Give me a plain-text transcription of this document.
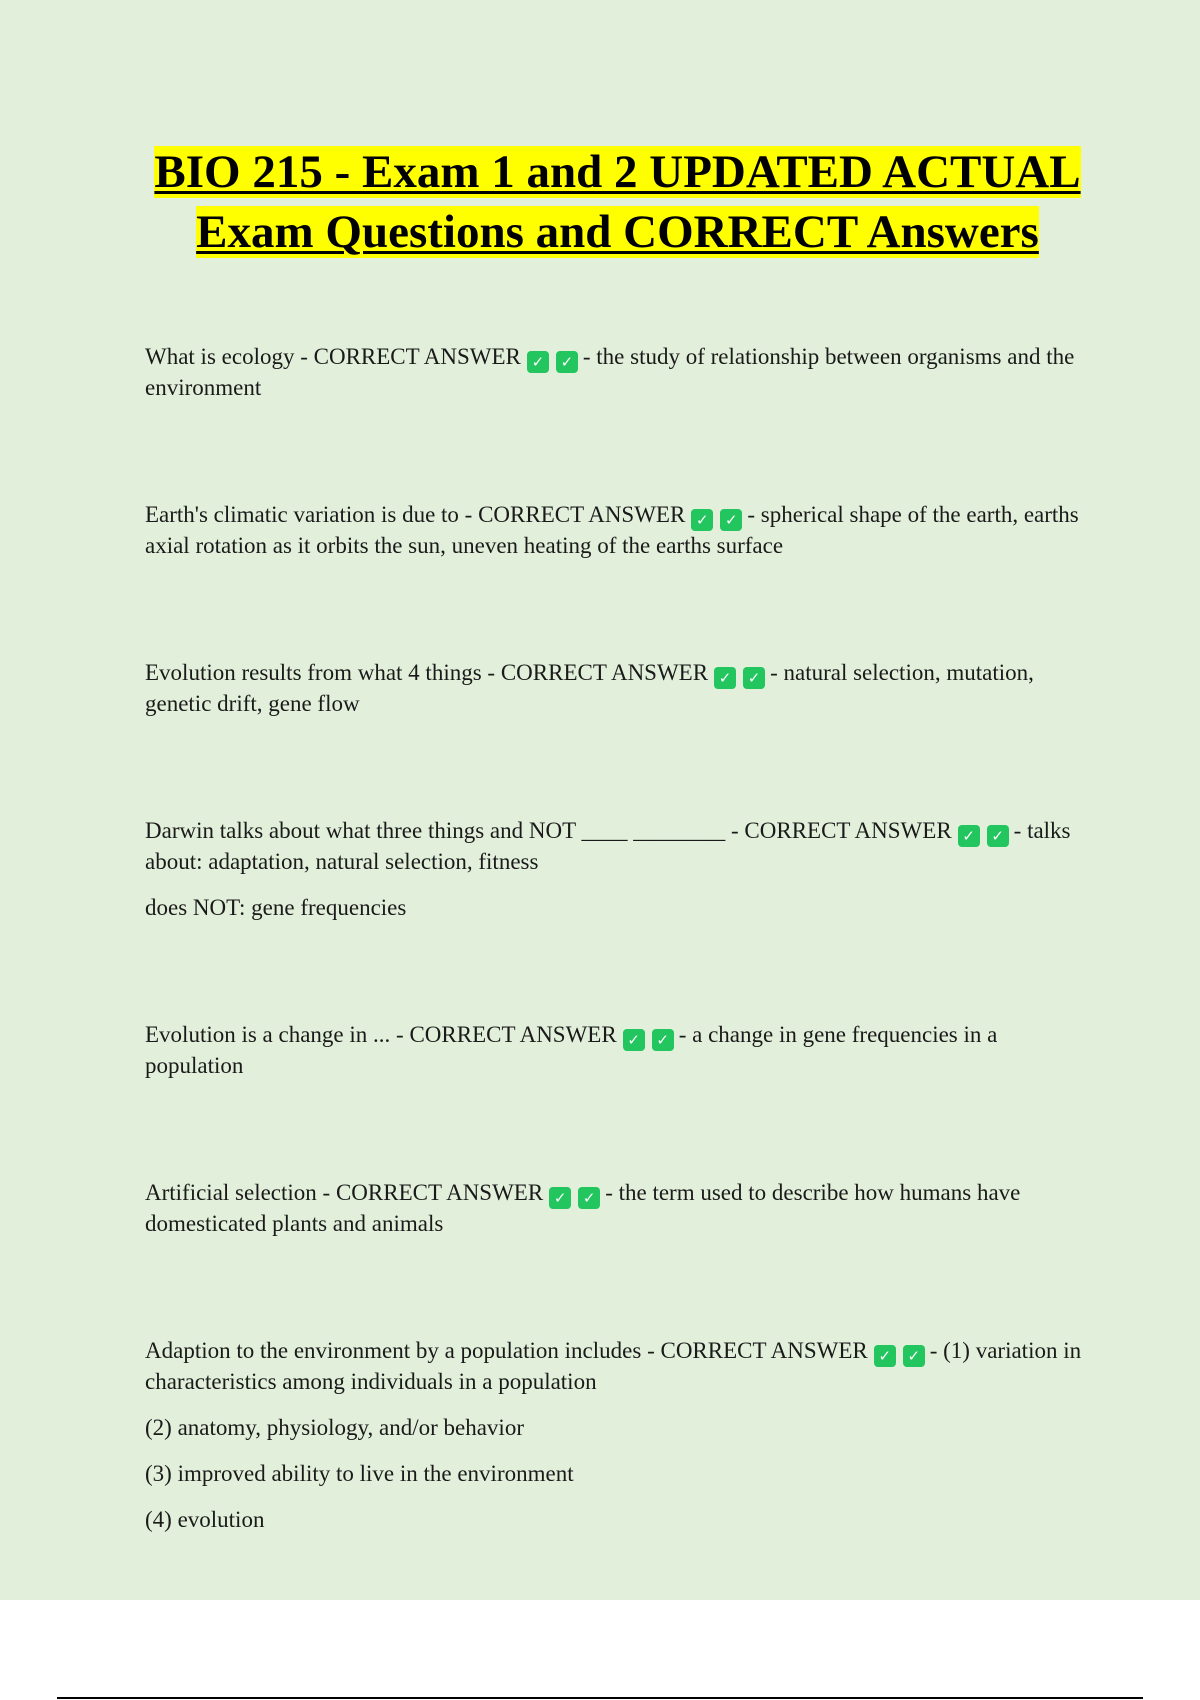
BIO 215 - Exam 1 and 2 UPDATED ACTUAL Exam Questions and CORRECT Answers

What is ecology - CORRECT ANSWER ✓ ✓ - the study of relationship between organisms and the environment

Earth's climatic variation is due to - CORRECT ANSWER ✓ ✓ - spherical shape of the earth, earths axial rotation as it orbits the sun, uneven heating of the earths surface

Evolution results from what 4 things - CORRECT ANSWER ✓ ✓ - natural selection, mutation, genetic drift, gene flow

Darwin talks about what three things and NOT ____ ________ - CORRECT ANSWER ✓ ✓ - talks about: adaptation, natural selection, fitness

does NOT: gene frequencies

Evolution is a change in ... - CORRECT ANSWER ✓ ✓ - a change in gene frequencies in a population

Artificial selection - CORRECT ANSWER ✓ ✓ - the term used to describe how humans have domesticated plants and animals

Adaption to the environment by a population includes - CORRECT ANSWER ✓ ✓ - (1) variation in characteristics among individuals in a population

(2) anatomy, physiology, and/or behavior

(3) improved ability to live in the environment

(4) evolution
